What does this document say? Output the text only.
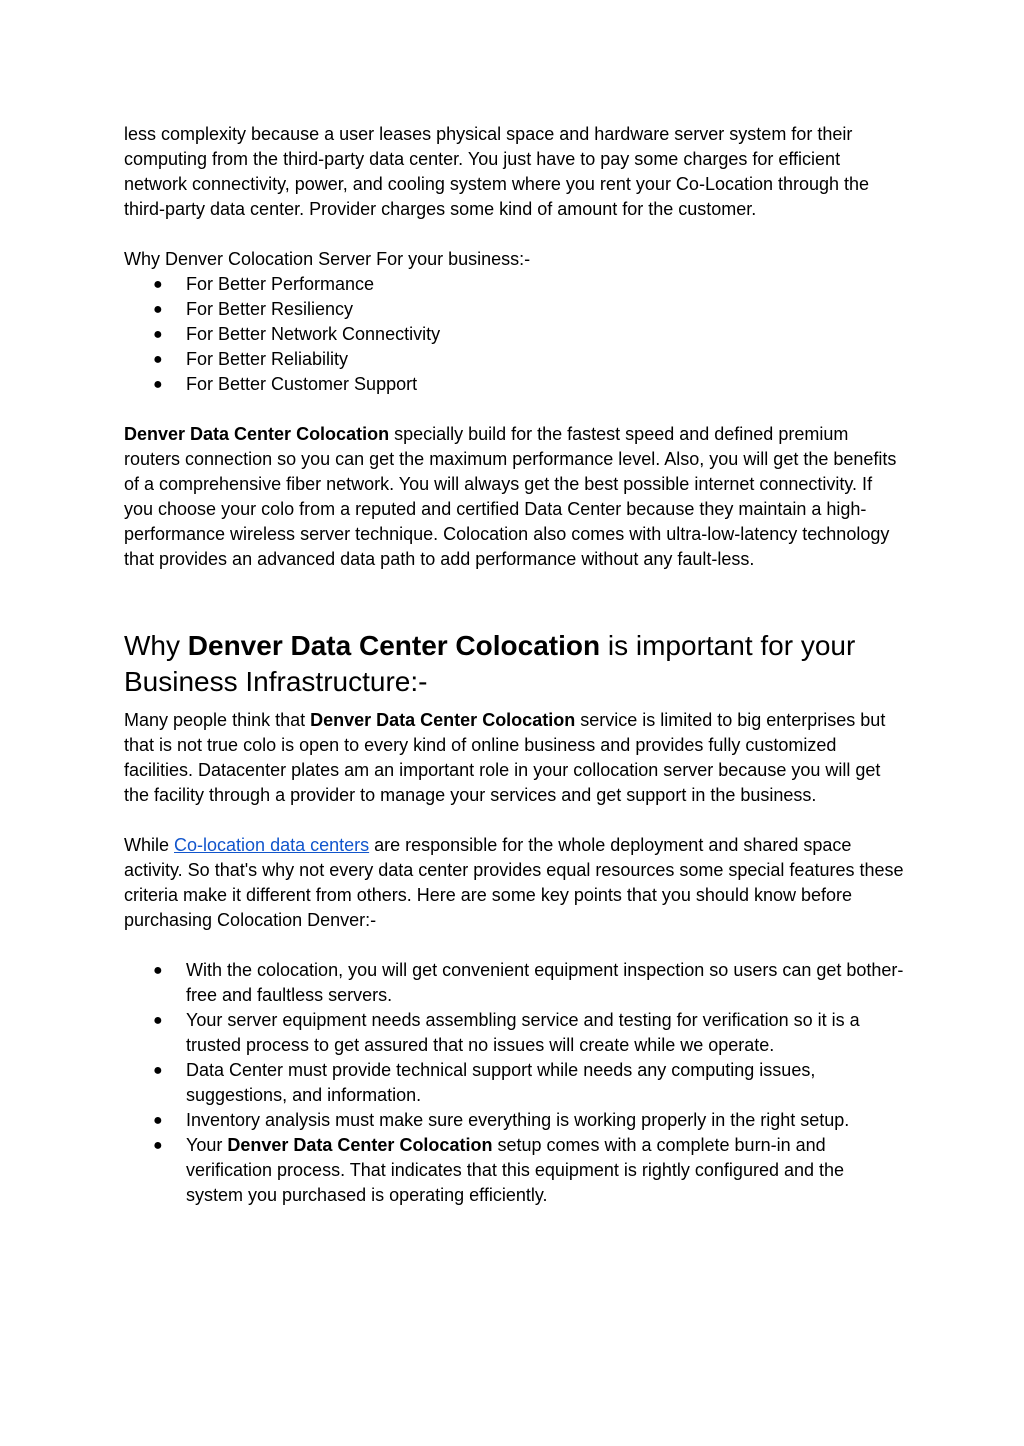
less complexity because a user leases physical space and hardware server system for their computing from the third-party data center. You just have to pay some charges for efficient network connectivity, power, and cooling system where you rent your Co-Location through the third-party data center. Provider charges some kind of amount for the customer.

Why Denver Colocation Server For your business:-

● For Better Performance
● For Better Resiliency
● For Better Network Connectivity
● For Better Reliability
● For Better Customer Support

Denver Data Center Colocation specially build for the fastest speed and defined premium routers connection so you can get the maximum performance level. Also, you will get the benefits of a comprehensive fiber network. You will always get the best possible internet connectivity. If you choose your colo from a reputed and certified Data Center because they maintain a high-performance wireless server technique. Colocation also comes with ultra-low-latency technology that provides an advanced data path to add performance without any fault-less.

Why Denver Data Center Colocation is important for your Business Infrastructure:-

Many people think that Denver Data Center Colocation service is limited to big enterprises but that is not true colo is open to every kind of online business and provides fully customized facilities. Datacenter plates am an important role in your collocation server because you will get the facility through a provider to manage your services and get support in the business.

While Co-location data centers are responsible for the whole deployment and shared space activity. So that's why not every data center provides equal resources some special features these criteria make it different from others. Here are some key points that you should know before purchasing Colocation Denver:-

● With the colocation, you will get convenient equipment inspection so users can get bother-free and faultless servers.
● Your server equipment needs assembling service and testing for verification so it is a trusted process to get assured that no issues will create while we operate.
● Data Center must provide technical support while needs any computing issues, suggestions, and information.
● Inventory analysis must make sure everything is working properly in the right setup.
● Your Denver Data Center Colocation setup comes with a complete burn-in and verification process. That indicates that this equipment is rightly configured and the system you purchased is operating efficiently.
